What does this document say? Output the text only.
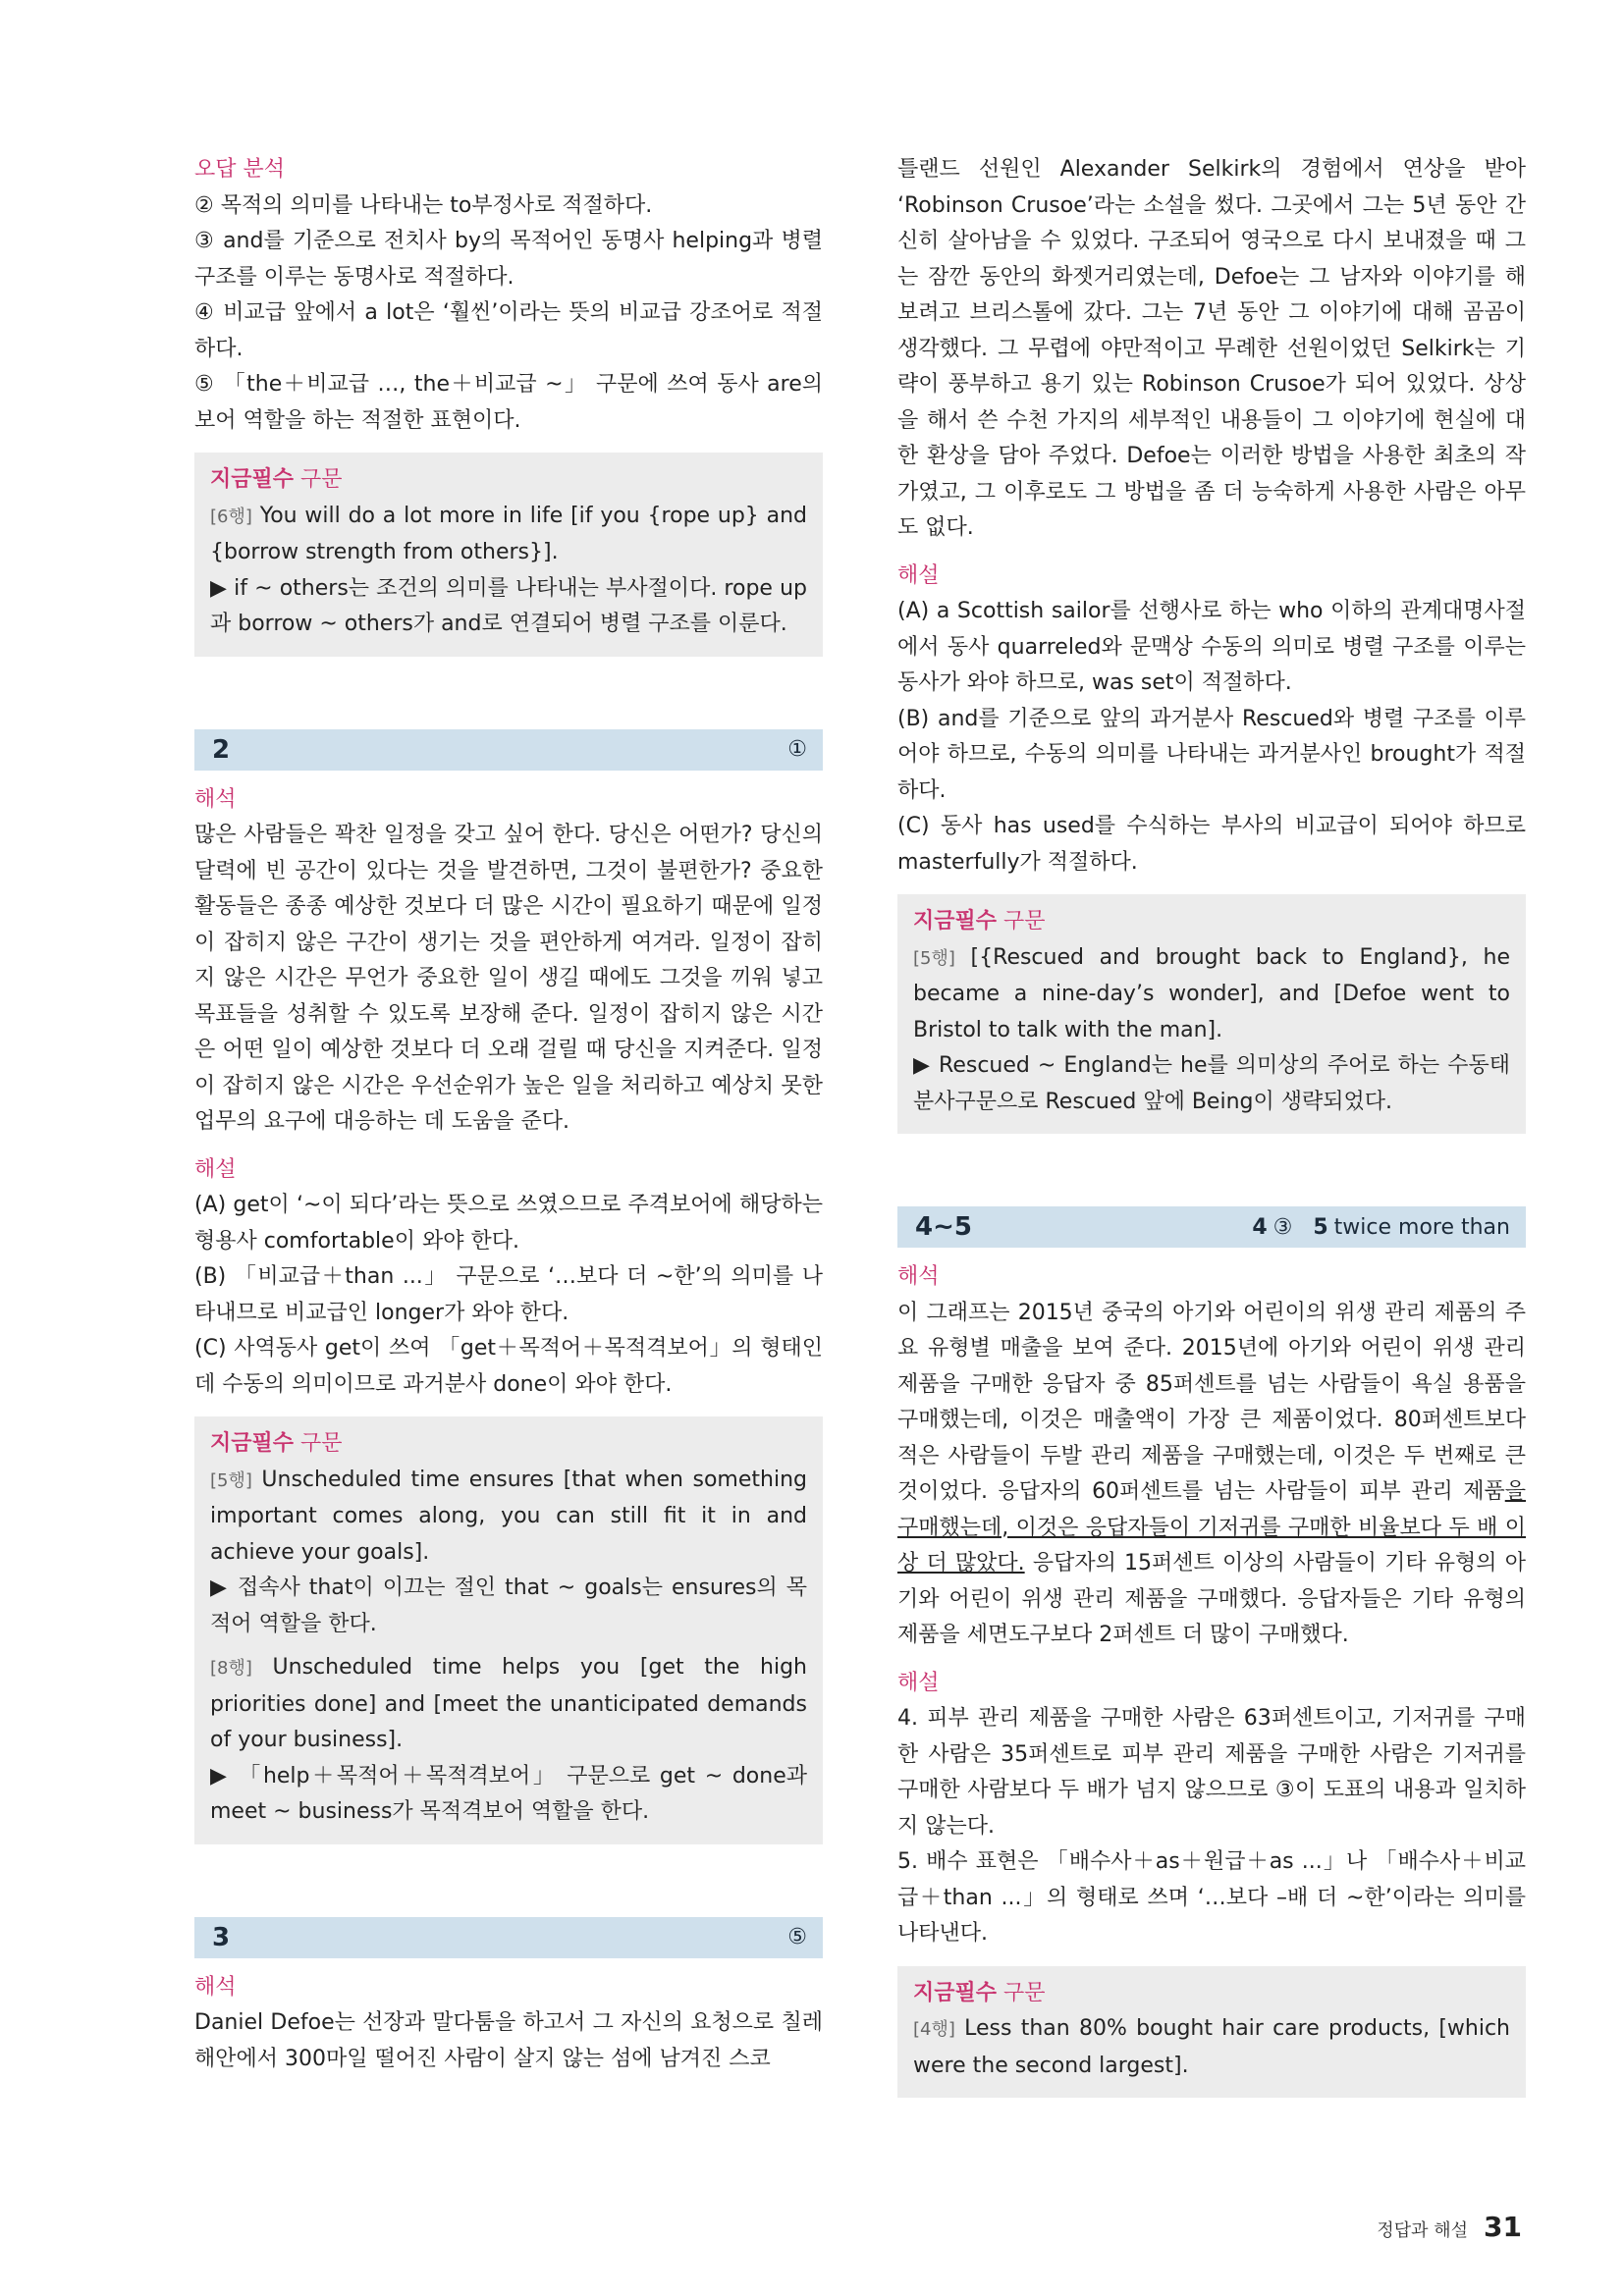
오답 분석

② 목적의 의미를 나타내는 to부정사로 적절하다.

③ and를 기준으로 전치사 by의 목적어인 동명사 helping과 병렬 구조를 이루는 동명사로 적절하다.

④ 비교급 앞에서 a lot은 ‘훨씬’이라는 뜻의 비교급 강조어로 적절하다.

⑤ 「the＋비교급 …, the＋비교급 ~」 구문에 쓰여 동사 are의 보어 역할을 하는 적절한 표현이다.

지금필수 구문

[6행] You will do a lot more in life [if you {rope up} and {borrow strength from others}].

▶ if ~ others는 조건의 의미를 나타내는 부사절이다. rope up과 borrow ~ others가 and로 연결되어 병렬 구조를 이룬다.

2	①

해석

많은 사람들은 꽉찬 일정을 갖고 싶어 한다. 당신은 어떤가? 당신의 달력에 빈 공간이 있다는 것을 발견하면, 그것이 불편한가? 중요한 활동들은 종종 예상한 것보다 더 많은 시간이 필요하기 때문에 일정이 잡히지 않은 구간이 생기는 것을 편안하게 여겨라. 일정이 잡히지 않은 시간은 무언가 중요한 일이 생길 때에도 그것을 끼워 넣고 목표들을 성취할 수 있도록 보장해 준다. 일정이 잡히지 않은 시간은 어떤 일이 예상한 것보다 더 오래 걸릴 때 당신을 지켜준다. 일정이 잡히지 않은 시간은 우선순위가 높은 일을 처리하고 예상치 못한 업무의 요구에 대응하는 데 도움을 준다.

해설

(A) get이 ‘~이 되다’라는 뜻으로 쓰였으므로 주격보어에 해당하는 형용사 comfortable이 와야 한다.

(B) 「비교급＋than ...」 구문으로 ‘…보다 더 ~한’의 의미를 나타내므로 비교급인 longer가 와야 한다.

(C) 사역동사 get이 쓰여 「get＋목적어＋목적격보어」의 형태인데 수동의 의미이므로 과거분사 done이 와야 한다.

지금필수 구문

[5행] Unscheduled time ensures [that when something important comes along, you can still fit it in and achieve your goals].

▶ 접속사 that이 이끄는 절인 that ~ goals는 ensures의 목적어 역할을 한다.

[8행] Unscheduled time helps you [get the high priorities done] and [meet the unanticipated demands of your business].

▶ 「help＋목적어＋목적격보어」 구문으로 get ~ done과 meet ~ business가 목적격보어 역할을 한다.

3	⑤

해석

Daniel Defoe는 선장과 말다툼을 하고서 그 자신의 요청으로 칠레 해안에서 300마일 떨어진 사람이 살지 않는 섬에 남겨진 스코

틀랜드 선원인 Alexander Selkirk의 경험에서 연상을 받아 ‘Robinson Crusoe’라는 소설을 썼다. 그곳에서 그는 5년 동안 간신히 살아남을 수 있었다. 구조되어 영국으로 다시 보내졌을 때 그는 잠깐 동안의 화젯거리였는데, Defoe는 그 남자와 이야기를 해 보려고 브리스톨에 갔다. 그는 7년 동안 그 이야기에 대해 곰곰이 생각했다. 그 무렵에 야만적이고 무례한 선원이었던 Selkirk는 기략이 풍부하고 용기 있는 Robinson Crusoe가 되어 있었다. 상상을 해서 쓴 수천 가지의 세부적인 내용들이 그 이야기에 현실에 대한 환상을 담아 주었다. Defoe는 이러한 방법을 사용한 최초의 작가였고, 그 이후로도 그 방법을 좀 더 능숙하게 사용한 사람은 아무도 없다.

해설

(A) a Scottish sailor를 선행사로 하는 who 이하의 관계대명사절에서 동사 quarreled와 문맥상 수동의 의미로 병렬 구조를 이루는 동사가 와야 하므로, was set이 적절하다.

(B) and를 기준으로 앞의 과거분사 Rescued와 병렬 구조를 이루어야 하므로, 수동의 의미를 나타내는 과거분사인 brought가 적절하다.

(C) 동사 has used를 수식하는 부사의 비교급이 되어야 하므로 masterfully가 적절하다.

지금필수 구문

[5행] [{Rescued and brought back to England}, he became a nine-day’s wonder], and [Defoe went to Bristol to talk with the man].

▶ Rescued ~ England는 he를 의미상의 주어로 하는 수동태 분사구문으로 Rescued 앞에 Being이 생략되었다.

4~5	4 ③ 5 twice more than

해석

이 그래프는 2015년 중국의 아기와 어린이의 위생 관리 제품의 주요 유형별 매출을 보여 준다. 2015년에 아기와 어린이 위생 관리 제품을 구매한 응답자 중 85퍼센트를 넘는 사람들이 욕실 용품을 구매했는데, 이것은 매출액이 가장 큰 제품이었다. 80퍼센트보다 적은 사람들이 두발 관리 제품을 구매했는데, 이것은 두 번째로 큰 것이었다. 응답자의 60퍼센트를 넘는 사람들이 피부 관리 제품을 구매했는데, 이것은 응답자들이 기저귀를 구매한 비율보다 두 배 이상 더 많았다. 응답자의 15퍼센트 이상의 사람들이 기타 유형의 아기와 어린이 위생 관리 제품을 구매했다. 응답자들은 기타 유형의 제품을 세면도구보다 2퍼센트 더 많이 구매했다.

해설

4. 피부 관리 제품을 구매한 사람은 63퍼센트이고, 기저귀를 구매한 사람은 35퍼센트로 피부 관리 제품을 구매한 사람은 기저귀를 구매한 사람보다 두 배가 넘지 않으므로 ③이 도표의 내용과 일치하지 않는다.

5. 배수 표현은 「배수사＋as＋원급＋as ...」나 「배수사＋비교급＋than ...」의 형태로 쓰며 ‘…보다 –배 더 ~한’이라는 의미를 나타낸다.

지금필수 구문

[4행] Less than 80% bought hair care products, [which were the second largest].

정답과 해설 31
